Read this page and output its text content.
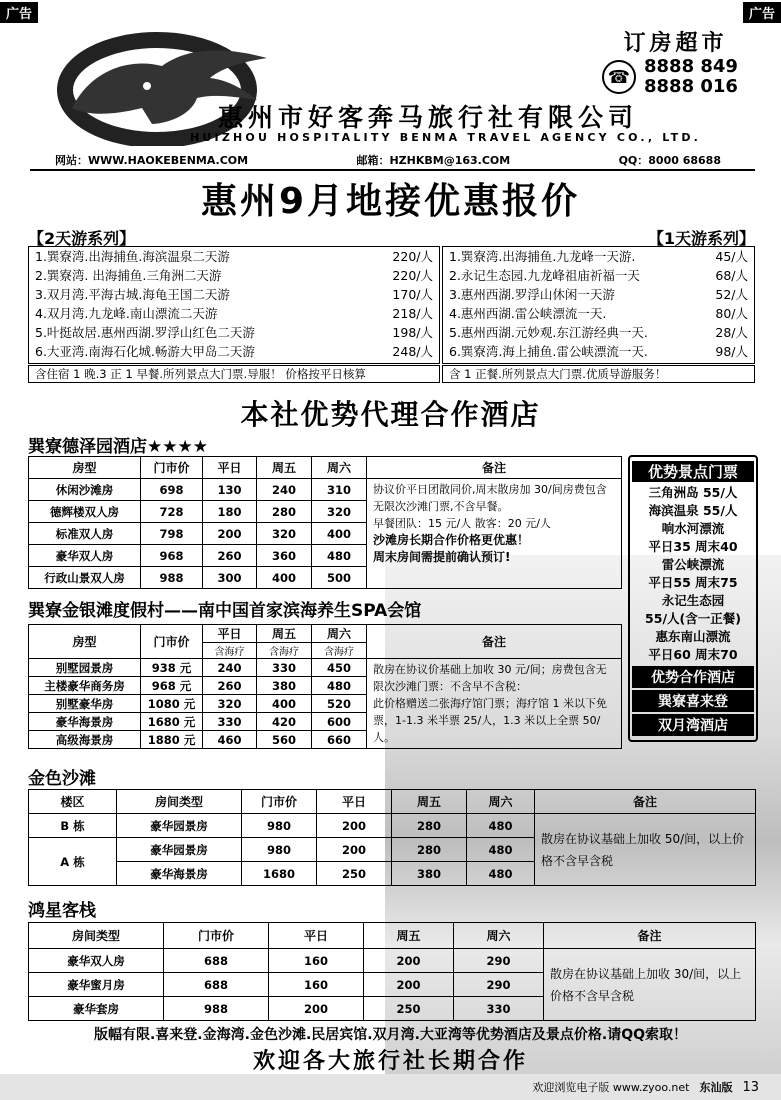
广告	广告
订房超市
☎ 8888 849
8888 016
惠州市好客奔马旅行社有限公司
HUIZHOU HOSPITALITY BENMA TRAVEL AGENCY CO., LTD.
网站：WWW.HAOKEBENMA.COM	邮箱：HZHKBM@163.COM	QQ：8000 68688
惠州9月地接优惠报价
【2天游系列】
1.巽寮湾.出海捕鱼.海滨温泉二天游	220/人
2.巽寮湾. 出海捕鱼.三角洲二天游	220/人
3.双月湾.平海古城.海龟王国二天游	170/人
4.双月湾.九龙峰.南山漂流二天游	218/人
5.叶挺故居.惠州西湖.罗浮山红色二天游	198/人
6.大亚湾.南海石化城.畅游大甲岛二天游	248/人
含住宿 1 晚.3 正 1 早餐.所列景点大门票.导服！ 价格按平日核算
【1天游系列】
1.巽寮湾.出海捕鱼.九龙峰一天游.	45/人
2.永记生态园.九龙峰祖庙祈福一天	68/人
3.惠州西湖.罗浮山休闲一天游	52/人
4.惠州西湖.雷公峡漂流一天.	80/人
5.惠州西湖.元妙观.东江游经典一天.	28/人
6.巽寮湾.海上捕鱼.雷公峡漂流一天.	98/人
含 1 正餐.所列景点大门票.优质导游服务！
本社优势代理合作酒店
巽寮德泽园酒店★★★★
房型	门市价	平日	周五	周六	备注
休闲沙滩房	698	130	240	310	协议价平日团散同价,周末散房加 30/间房费包含无限次沙滩门票,不含早餐。
早餐团队：15 元/人 散客：20 元/人
沙滩房长期合作价格更优惠！
周末房间需提前确认预订!

德辉楼双人房	728	180	280	320	
标准双人房	798	200	320	400	
豪华双人房	968	260	360	480	
行政山景双人房	988	300	400	500	
巽寮金银滩度假村——南中国首家滨海养生SPA会馆
房型	门市价	平日	周五	周六	备注
		含海疗	含海疗	含海疗	
别墅园景房	938 元	240	330	450	散房在协议价基础上加收 30 元/间；房费包含无限次沙滩门票：不含早不含税：
此价格赠送二张海疗馆门票；海疗馆 1 米以下免票，1-1.3 米半票 25/人，1.3 米以上全票 50/人。

主楼豪华商务房	968 元	260	380	480	
别墅豪华房	1080 元	320	400	520	
豪华海景房	1680 元	330	420	600	
高级海景房	1880 元	460	560	660	
优势景点门票
三角洲岛 55/人
海滨温泉 55/人
响水河漂流
平日35 周末40
雷公峡漂流
平日55 周末75
永记生态园
55/人(含一正餐)
惠东南山漂流
平日60 周末70
优势合作酒店
巽寮喜来登
双月湾酒店
金色沙滩
楼区	房间类型	门市价	平日	周五	周六	备注
B 栋	豪华园景房	980	200	280	480	散房在协议基础上加收 50/间，以上价格不含早含税
A 栋	豪华园景房	980	200	280	480	
	豪华海景房	1680	250	380	480	
鸿星客栈
房间类型	门市价	平日	周五	周六	备注
豪华双人房	688	160	200	290	散房在协议基础上加收 30/间，以上价格不含早含税
豪华蜜月房	688	160	200	290	
豪华套房	988	200	250	330	
版幅有限.喜来登.金海湾.金色沙滩.民居宾馆.双月湾.大亚湾等优势酒店及景点价格.请QQ索取！
欢迎各大旅行社长期合作
欢迎浏览电子版 www.zyoo.net 东汕版 13
